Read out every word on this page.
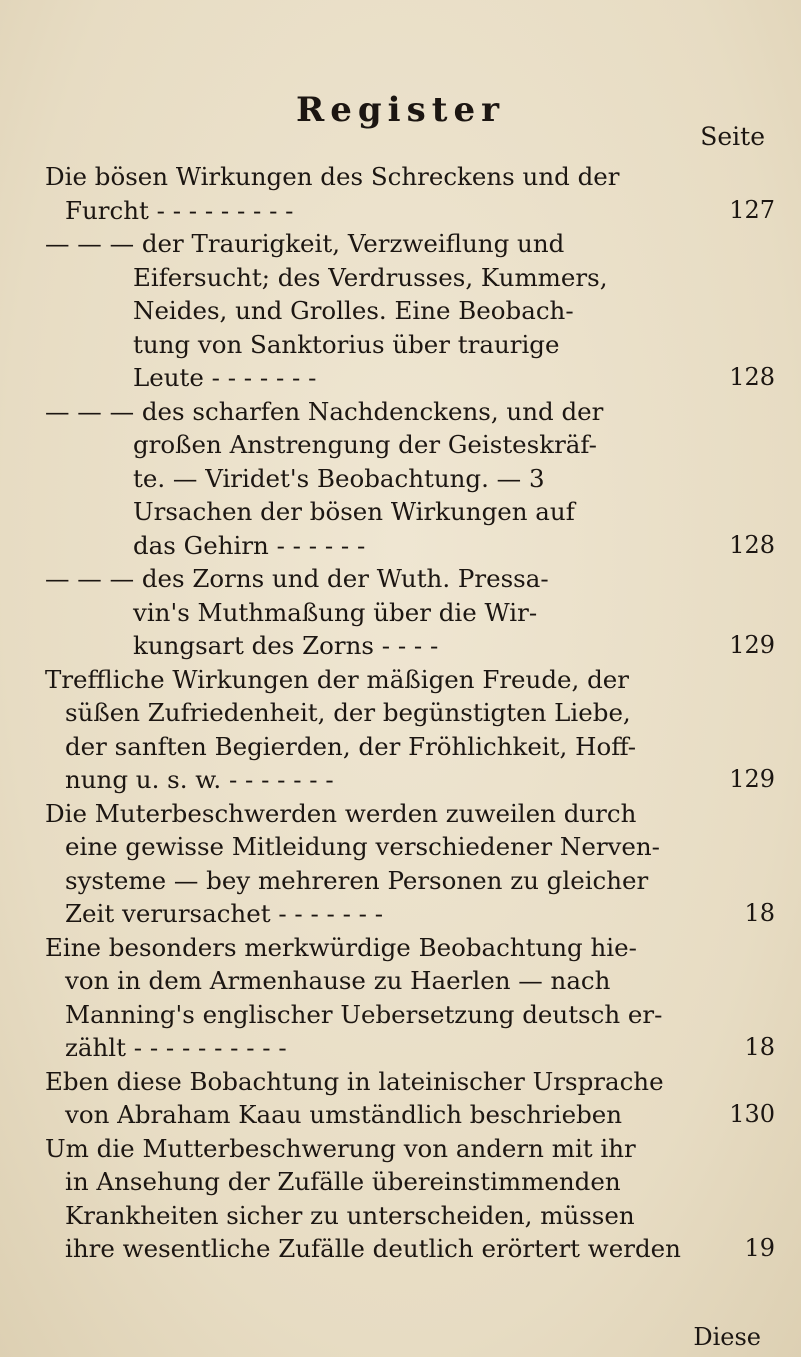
Register
Seite
Die bösen Wirkungen des Schreckens und der
Furcht - - - - - - - - -	127
— — — der Traurigkeit, Verzweiflung und
Eifersucht; des Verdrusses, Kummers,
Neides, und Grolles. Eine Beobach-
tung von Sanktorius über traurige
Leute - - - - - - -	128
— — — des scharfen Nachdenckens, und der
großen Anstrengung der Geisteskräf-
te. — Viridet's Beobachtung. — 3
Ursachen der bösen Wirkungen auf
das Gehirn - - - - - -	128
— — — des Zorns und der Wuth. Pressa-
vin's Muthmaßung über die Wir-
kungsart des Zorns - - - -	129
Treffliche Wirkungen der mäßigen Freude, der
süßen Zufriedenheit, der begünstigten Liebe,
der sanften Begierden, der Fröhlichkeit, Hoff-
nung u. s. w. - - - - - - -	129
Die Muterbeschwerden werden zuweilen durch
eine gewisse Mitleidung verschiedener Nerven-
systeme — bey mehreren Personen zu gleicher
Zeit verursachet - - - - - - -	18
Eine besonders merkwürdige Beobachtung hie-
von in dem Armenhause zu Haerlen — nach
Manning's englischer Uebersetzung deutsch er-
zählt - - - - - - - - - -	18
Eben diese Bobachtung in lateinischer Ursprache
von Abraham Kaau umständlich beschrieben	130
Um die Mutterbeschwerung von andern mit ihr
in Ansehung der Zufälle übereinstimmenden
Krankheiten sicher zu unterscheiden, müssen
ihre wesentliche Zufälle deutlich erörtert werden	19
Diese
